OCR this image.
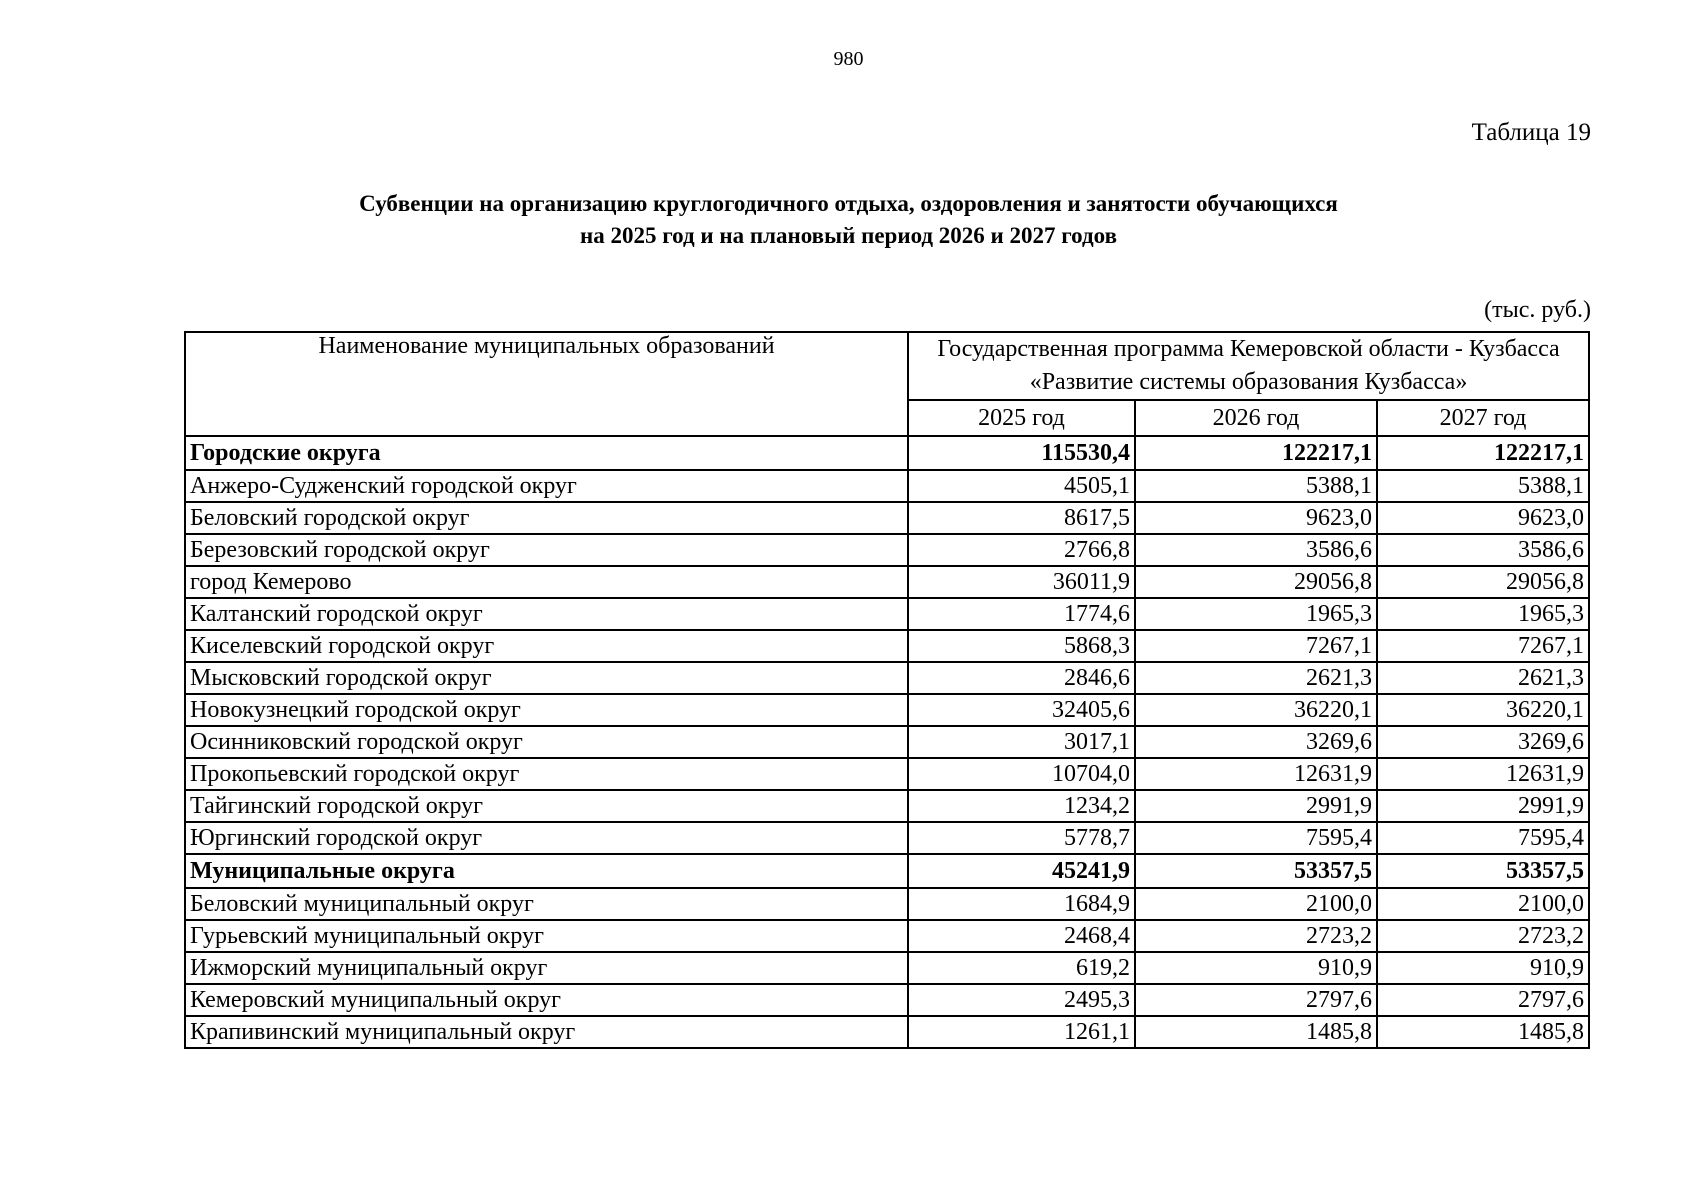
980
Таблица 19
Субвенции на организацию круглогодичного отдыха, оздоровления и занятости обучающихся
на 2025 год и на плановый период 2026 и 2027 годов
(тыс. руб.)
Наименование муниципальных образований	Государственная программа Кемеровской области - Кузбасса «Развитие системы образования Кузбасса»		
	2025 год	2026 год	2027 год
Городские округа	115530,4	122217,1	122217,1
Анжеро-Судженский городской округ	4505,1	5388,1	5388,1
Беловский городской округ	8617,5	9623,0	9623,0
Березовский городской округ	2766,8	3586,6	3586,6
город Кемерово	36011,9	29056,8	29056,8
Калтанский городской округ	1774,6	1965,3	1965,3
Киселевский городской округ	5868,3	7267,1	7267,1
Мысковский городской округ	2846,6	2621,3	2621,3
Новокузнецкий городской округ	32405,6	36220,1	36220,1
Осинниковский городской округ	3017,1	3269,6	3269,6
Прокопьевский городской округ	10704,0	12631,9	12631,9
Тайгинский городской округ	1234,2	2991,9	2991,9
Юргинский городской округ	5778,7	7595,4	7595,4
Муниципальные округа	45241,9	53357,5	53357,5
Беловский муниципальный округ	1684,9	2100,0	2100,0
Гурьевский муниципальный округ	2468,4	2723,2	2723,2
Ижморский муниципальный округ	619,2	910,9	910,9
Кемеровский муниципальный округ	2495,3	2797,6	2797,6
Крапивинский муниципальный округ	1261,1	1485,8	1485,8
